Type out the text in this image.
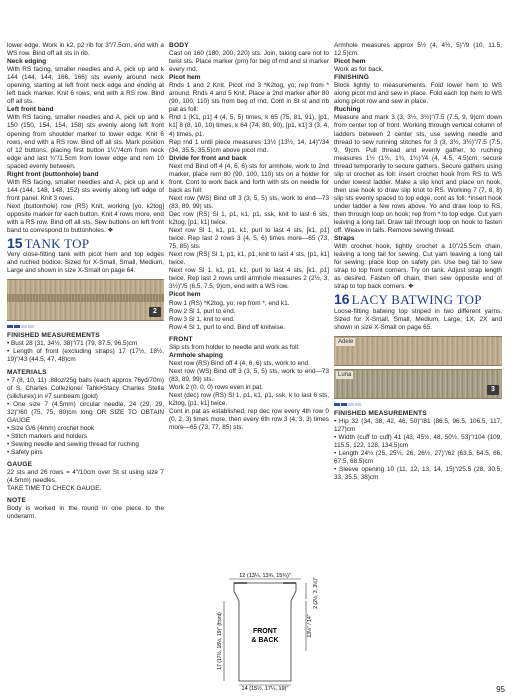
lower edge. Work in k2, p2 rib for 3"/7.5cm, end with a WS row. Bind off all sts in rib.

Neck edging

With RS facing, smaller needles and A, pick up and k 144 (144, 144, 166, 166) sts evenly around neck opening, starting at left front neck edge and ending at left back marker. Knit 6 rows, end with a RS row. Bind off all sts.

Left front band

With RS facing, smaller needles and A, pick up and k 150 (150, 154, 154, 158) sts evenly along left front opening from shoulder marker to lower edge. Knit 6 rows, end with a RS row. Bind off all sts. Mark position of 12 buttons, placing first button 1¼"/4cm from neck edge and last ¾"/1.5cm from lower edge and rem 10 spaced evenly between.

Right front (buttonhole) band

With RS facing, smaller needles and A, pick up and k 144 (144, 148, 148, 152) sts evenly along left edge of front panel. Knit 3 rows.

Next (buttonhole) row (RS) Knit, working [yo, k2tog] opposite marker for each button. Knit 4 rows more, end with a RS row. Bind off all sts. Sew buttons on left front band to correspond to buttonholes. ❖

15 TANK TOP

Very close-fitting tank with picot hem and top edges and ruched bodice. Sized for X-Small, Small, Medium, Large and shown in size X-Small on page 64.

2

FINISHED MEASUREMENTS

• Bust 28 (31, 34½, 38)"/71 (79, 87.5, 96.5)cm

• Length of front (excluding straps) 17 (17½, 18½, 19)"/43 (44.5, 47, 48)cm

MATERIALS

• 7 (8, 10, 11) .88oz/25g balls (each approx 76yd/70m) of S. Charles Collezione/ Tahki•Stacy Charles Stella (silk/lurex) in #7 sunbeam (gold)

• One size 7 (4.5mm) circular needle, 24 (29, 29, 32)"/60 (75, 75, 80)cm long OR SIZE TO OBTAIN GAUGE

• Size G/6 (4mm) crochet hook

• Stitch markers and holders

• Sewing needle and sewing thread for ruching

• Safety pins

GAUGE

22 sts and 26 rows = 4"/10cm over St st using size 7 (4.5mm) needles.

TAKE TIME TO CHECK GAUGE.

NOTE

Body is worked in the round in one piece to the underarm.

BODY

Cast on 160 (180, 200, 220) sts. Join, taking care not to twist sts. Place marker (pm) for beg of rnd and sl marker every rnd.

Picot hem

Rnds 1 and 2 Knit. Picot rnd 3 *K2tog, yo; rep from * around. Rnds 4 and 5 Knit. Place a 2nd marker after 80 (90, 100, 110) sts from beg of rnd. Cont in St st and rib pat as foll:

Rnd 1 [K1, p1] 4 (4, 5, 5) times, k 65 (75, 81, 91), [p1, k1] 8 (8, 10, 10) times, k 64 (74, 80, 90), [p1, k1] 3 (3, 4, 4) times, p1.

Rep rnd 1 until piece measures 13½ (13½, 14, 14)"/34 (34, 35.5, 35.5)cm above picot rnd.

Divide for front and back

Next rnd Bind off 4 (4, 6, 6) sts for armhole, work to 2nd marker, place rem 80 (90, 100, 110) sts on a holder for front. Cont to work back and forth with sts on needle for back as foll:

Next row (WS) Bind off 3 (3, 5, 5) sts, work to end—73 (83, 89, 99) sts.

Dec row (RS) Sl 1, p1, k1, p1, ssk, knit to last 6 sts, k2tog, [p1, k1] twice.

Next row Sl 1, k1, p1, k1, purl to last 4 sts, [k1, p1] twice. Rep last 2 rows 3 (4, 5, 6) times more—65 (73, 75, 85) sts.

Next row (RS) Sl 1, p1, k1, p1, knit to last 4 sts, [p1, k1] twice.

Next row Sl 1, k1, p1, k1, purl to last 4 sts, [k1, p1] twice. Rep last 2 rows until armhole measures 2 (2½, 3, 3½)"/5 (6.5, 7.5, 9)cm, end with a WS row.

Picot hem

Row 1 (RS) *K2tog, yo; rep from *, end k1.

Row 2 Sl 1, purl to end.

Row 3 Sl 1, knit to end.

Row 4 Sl 1, purl to end. Bind off knitwise.

FRONT

Slip sts from holder to needle and work as foll:

Armhole shaping

Next row (RS) Bind off 4 (4, 6, 6) sts, work to end.

Next row (WS) Bind off 3 (3, 5, 5) sts, work to end—73 (83, 89, 99) sts.

Work 2 (0, 0, 0) rows even in pat.

Next (dec) row (RS) Sl 1, p1, k1, p1, ssk, k to last 6 sts, k2tog, [p1, k1] twice.

Cont in pat as established, rep dec row every 4th row 0 (0, 2, 3) times more, then every 6th row 3 (4, 3, 3) times more—65 (73, 77, 85) sts.

12 (13¼, 13¾, 15¾)"
FRONT
& BACK
14 (15½, 17¼, 19)"
17 (17½, 18½, 19)" (front)	13½" / 14"
2 (2½, 3, 3½)"

Armhole measures approx 5½ (4, 4½, 5)"/9 (10, 11.5, 12.5)cm.

Picot hem

Work as for back.

FINISHING

Block lightly to measurements. Fold lower hem to WS along picot rnd and sew in place. Fold each top hem to WS along picot row and sew in place.

Ruching

Measure and mark 3 (3, 3½, 3½)"/7.5 (7.5, 9, 9)cm down from center top of front. Working through vertical column of ladders between 2 center sts, use sewing needle and thread to sew running stitches for 3 (3, 3½, 3½)"/7.5 (7.5, 9, 9)cm. Pull thread and evenly gather, to ruching measures 1½ (1½, 1¾, 1¾)"/4 (4, 4.5, 4.5)cm; secure thread temporarily to secure gathers. Secure gathers using slip st crochet as foll: insert crochet hook from RS to WS under lowest ladder. Make a slip knot and place on hook, then use hook to draw slip knot to RS. Working 7 (7, 8, 8) slip sts evenly spaced to top edge, cont as foll: *insert hook under ladder a few rows above. Yo and draw loop to RS, then through loop on hook; rep from * to top edge. Cut yarn leaving a long tail. Draw tail through loop on hook to fasten off. Weave in tails. Remove sewing thread.

Straps

With crochet hook, tightly crochet a 10"/25.5cm chain, leaving a long tail for sewing. Cut yarn leaving a long tail for sewing; place loop on safety pin. Use beg tail to sew strap to top front corners. Try on tank. Adjust strap length as desired. Fasten off chain, then sew opposite end of strap to top back corners. ❖

16 LACY BATWING TOP

Loose-fitting batwing top striped in two different yarns. Sized for X-Small, Small, Medium, Large, 1X, 2X and shown in size X-Small on page 65.

Adele
Luna
3

FINISHED MEASUREMENTS

• Hip 32 (34, 38, 42, 46, 50)"/81 (86.5, 96.5, 106.5, 117, 127)cm

• Width (cuff to cuff) 41 (43, 45½, 48, 50½, 53)"/104 (109, 115.5, 122, 128, 134.5)cm

• Length 24½ (25, 25½, 26, 26½, 27)"/62 (63.5, 64.5, 66, 67.5, 68.5)cm

• Sleeve opening 10 (11, 12, 13, 14, 15)"/25.5 (28, 30.5, 33, 35.5, 38)cm

95
